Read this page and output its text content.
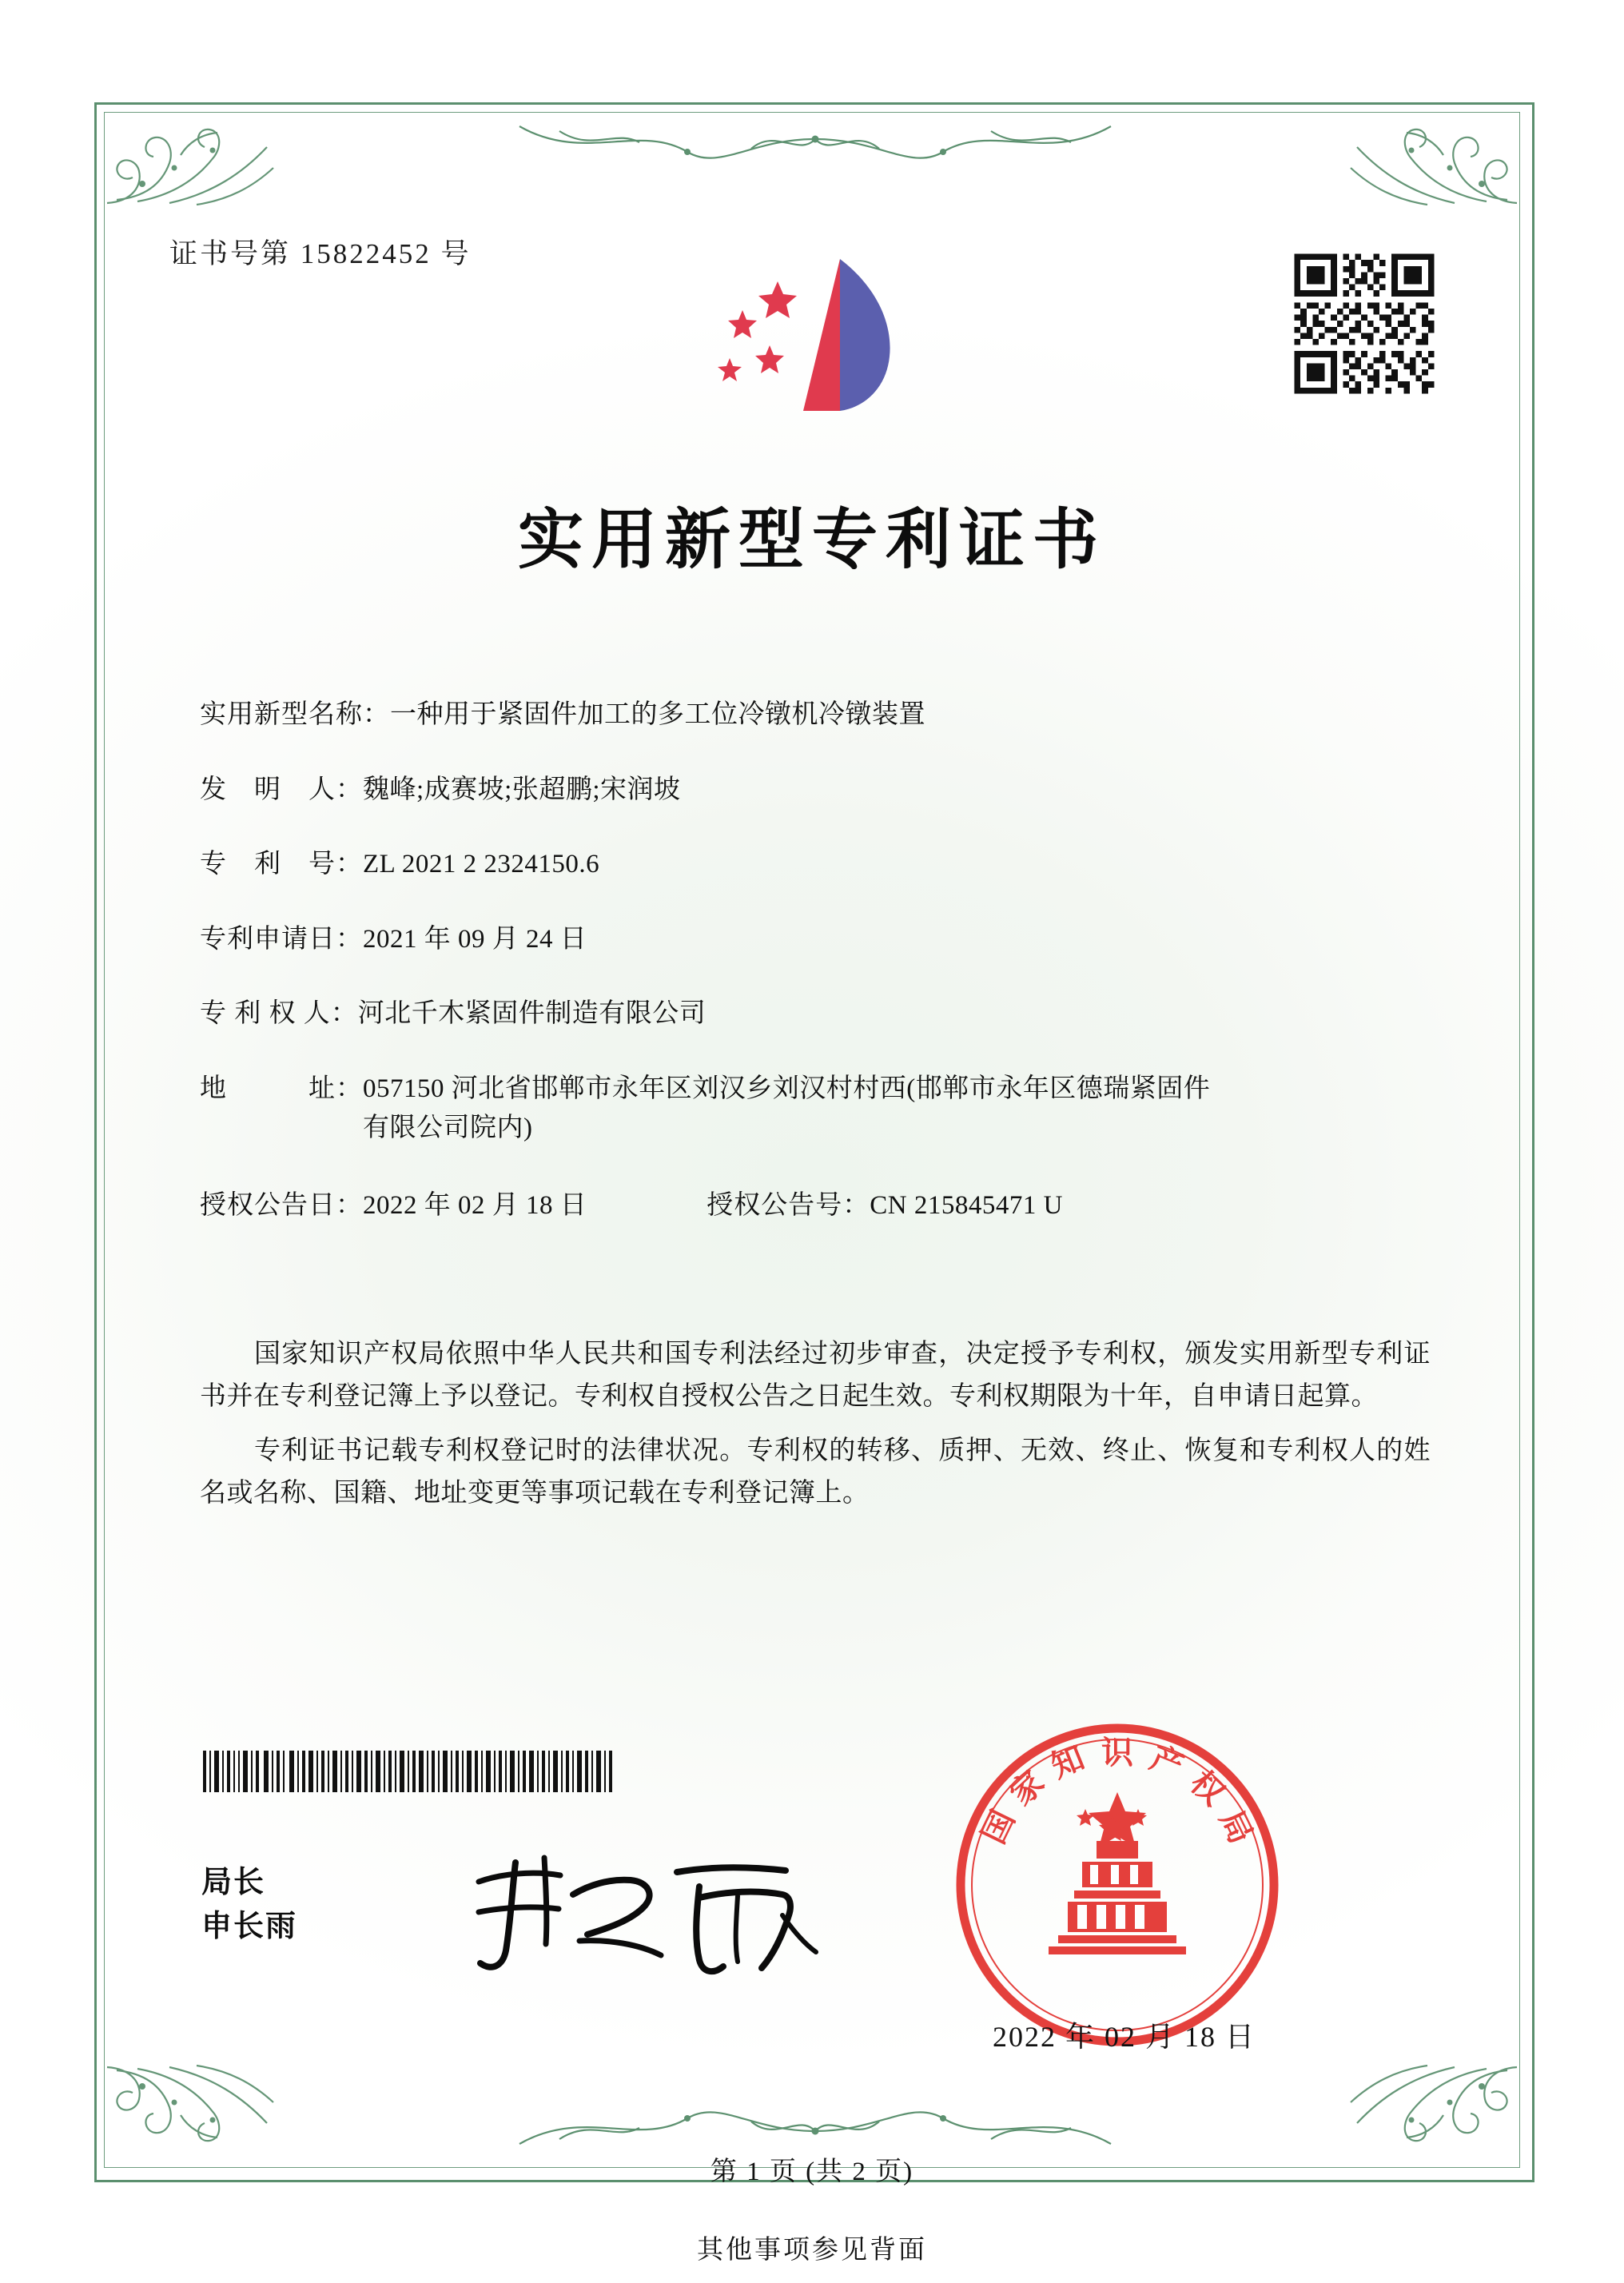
证书号第 15822452 号
实用新型专利证书
实用新型名称： 一种用于紧固件加工的多工位冷镦机冷镦装置
发　明　人： 魏峰;成赛坡;张超鹏;宋润坡
专　利　号： ZL 2021 2 2324150.6
专利申请日： 2021 年 09 月 24 日
专 利 权 人： 河北千木紧固件制造有限公司
地　　　址： 057150 河北省邯郸市永年区刘汉乡刘汉村村西(邯郸市永年区德瑞紧固件有限公司院内)
授权公告日：2022 年 02 月 18 日	授权公告号：CN 215845471 U

国家知识产权局依照中华人民共和国专利法经过初步审查，决定授予专利权，颁发实用新型专利证书并在专利登记簿上予以登记。专利权自授权公告之日起生效。专利权期限为十年，自申请日起算。

专利证书记载专利权登记时的法律状况。专利权的转移、质押、无效、终止、恢复和专利权人的姓名或名称、国籍、地址变更等事项记载在专利登记簿上。

局长
申长雨
国
家
知 识 产
权
局
2022 年 02 月 18 日
第 1 页 (共 2 页)
其他事项参见背面
